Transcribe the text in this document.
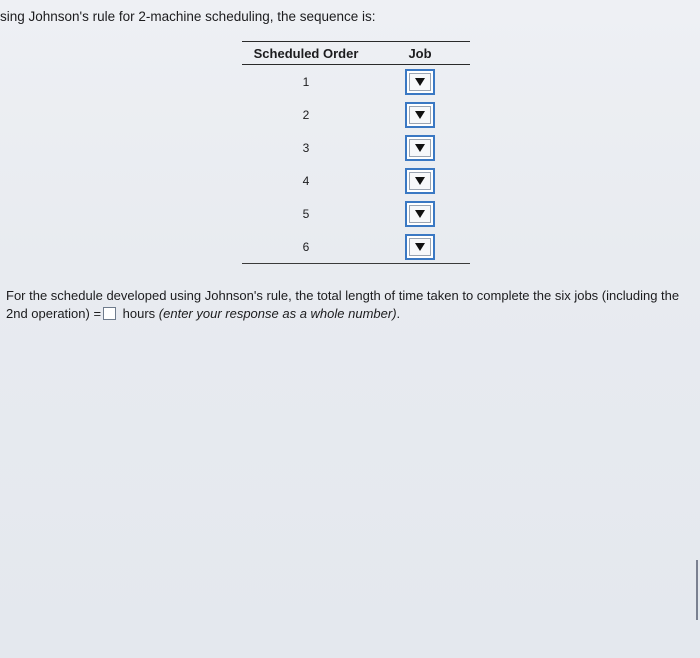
sing Johnson's rule for 2-machine scheduling, the sequence is:
Scheduled Order	Job
1	

2	

3	

4	

5	

6	
For the schedule developed using Johnson's rule, the total length of time taken to complete the six jobs (including the 2nd operation) = hours (enter your response as a whole number).
